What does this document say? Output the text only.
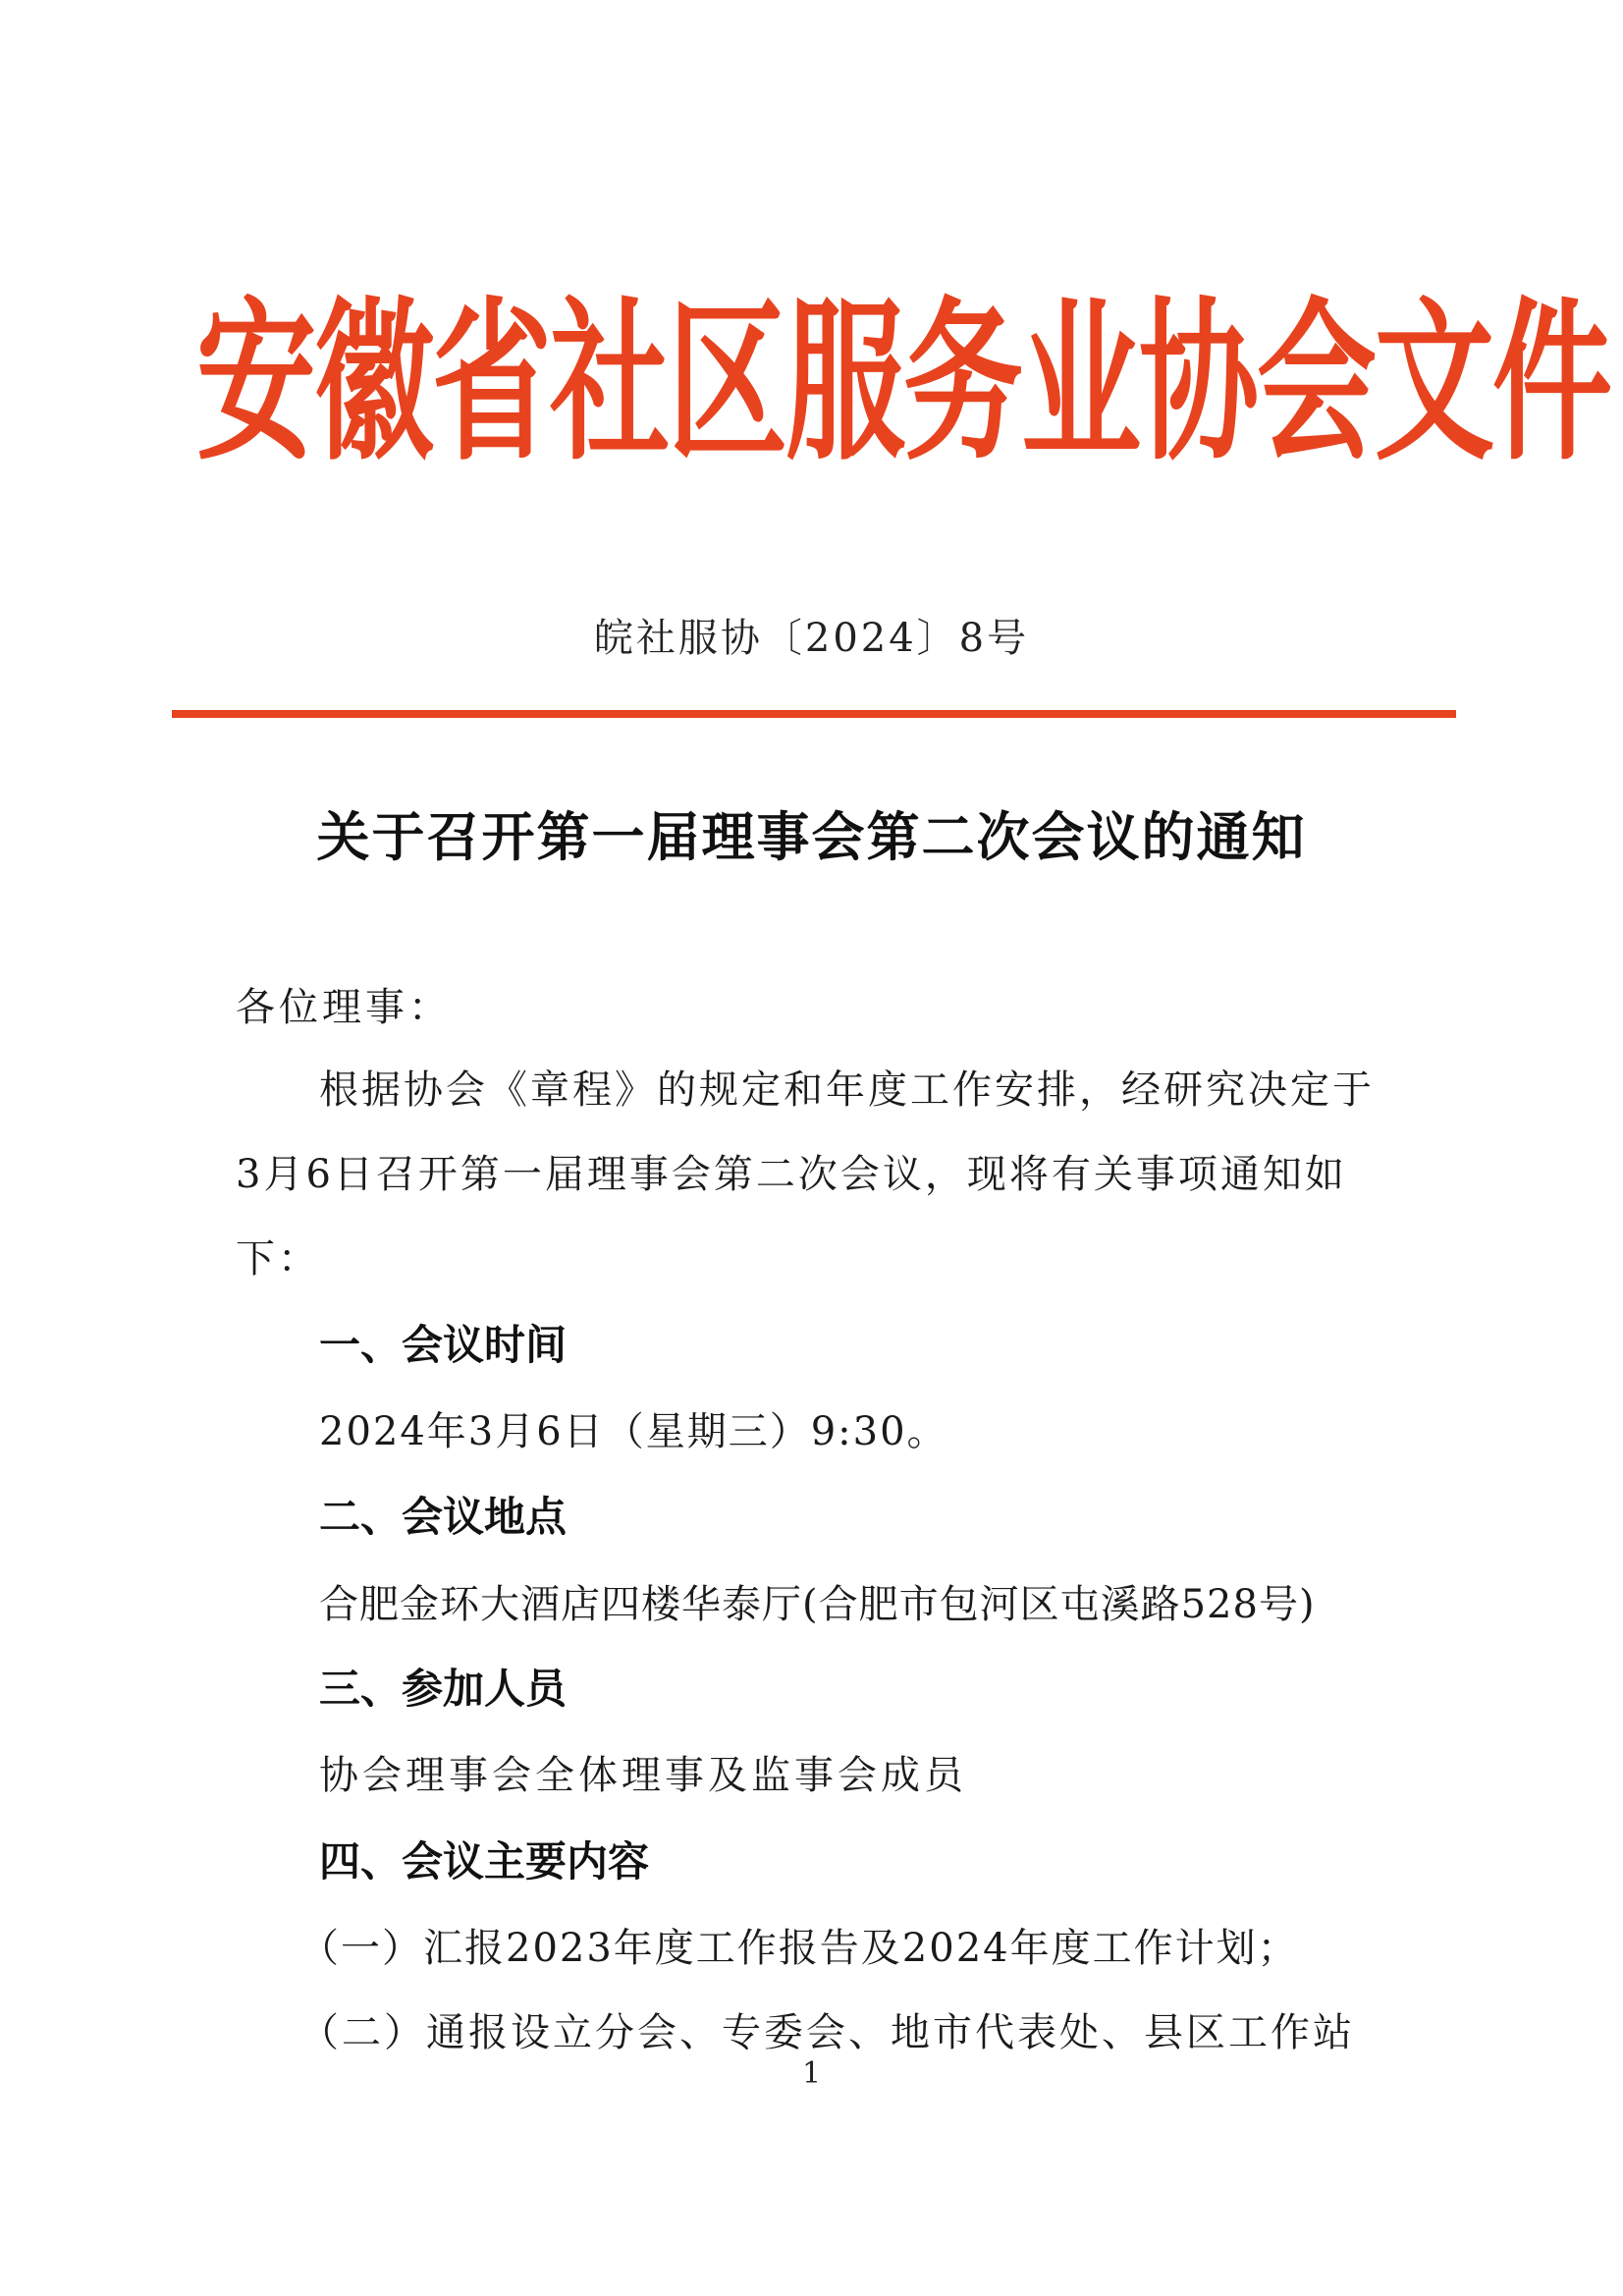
安徽省社区服务业协会文件
皖社服协〔2024〕8号
关于召开第一届理事会第二次会议的通知
各位理事：
根据协会《章程》的规定和年度工作安排，经研究决定于
3月6日召开第一届理事会第二次会议，现将有关事项通知如
下：
一、会议时间
2024年3月6日（星期三）9:30。
二、会议地点
合肥金环大酒店四楼华泰厅(合肥市包河区屯溪路528号)
三、参加人员
协会理事会全体理事及监事会成员
四、会议主要内容
（一）汇报2023年度工作报告及2024年度工作计划；
（二）通报设立分会、专委会、地市代表处、县区工作站
1
